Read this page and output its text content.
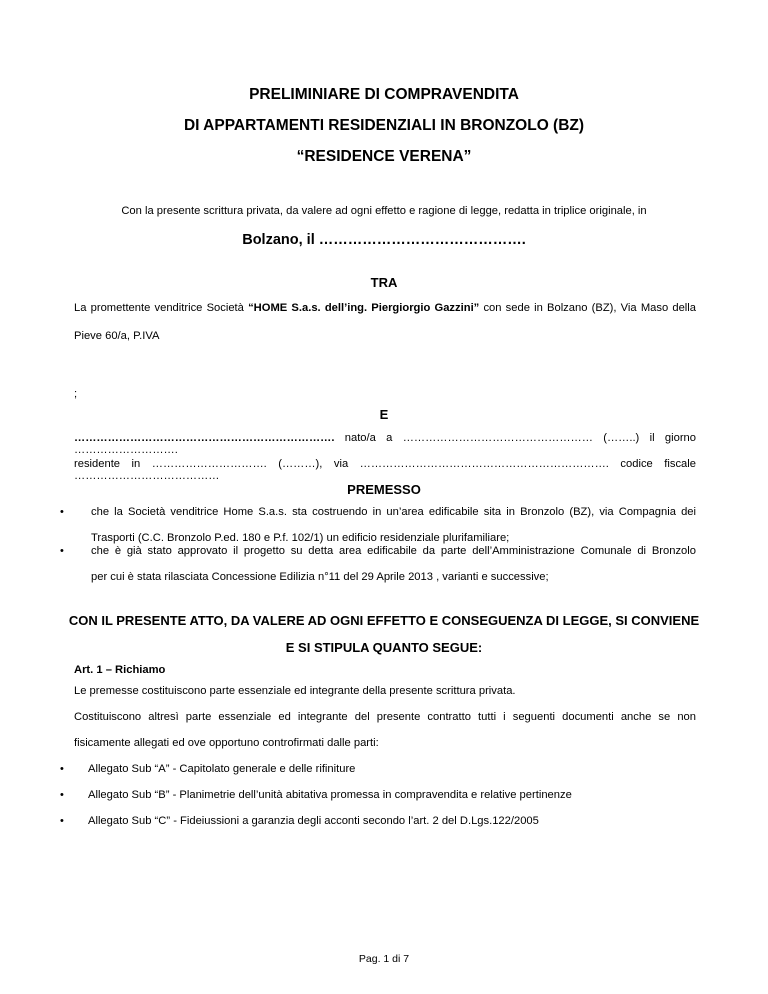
PRELIMINIARE DI COMPRAVENDITA
DI APPARTAMENTI RESIDENZIALI IN BRONZOLO (BZ)
“RESIDENCE VERENA”
Con la presente scrittura privata, da valere ad ogni effetto e ragione di legge, redatta in triplice originale, in
Bolzano, il …………………………………….
TRA
La promettente venditrice Società “HOME S.a.s. dell’ing. Piergiorgio Gazzini” con sede in Bolzano (BZ), Via Maso della
Pieve 60/a, P.IVA
;
E
……………………………………………………………. nato/a a …………………………………………… (……..) il giorno ……………………….
residente in …………………………. (………), via …………………………………………………………. codice fiscale …………………………………
PREMESSO
• che la Società venditrice Home S.a.s. sta costruendo in un’area edificabile sita in Bronzolo (BZ), via Compagnia dei
Trasporti (C.C. Bronzolo P.ed. 180 e P.f. 102/1) un edificio residenziale plurifamiliare;
• che è già stato approvato il progetto su detta area edificabile da parte dell’Amministrazione Comunale di Bronzolo
per cui è stata rilasciata Concessione Edilizia n°11 del 29 Aprile 2013 , varianti e successive;
CON IL PRESENTE ATTO, DA VALERE AD OGNI EFFETTO E CONSEGUENZA DI LEGGE, SI CONVIENE
E SI STIPULA QUANTO SEGUE:
Art. 1 – Richiamo
Le premesse costituiscono parte essenziale ed integrante della presente scrittura privata.
Costituiscono altresì parte essenziale ed integrante del presente contratto tutti i seguenti documenti anche se non
fisicamente allegati ed ove opportuno controfirmati dalle parti:
• Allegato Sub “A” - Capitolato generale e delle rifiniture
• Allegato Sub “B” - Planimetrie dell’unità abitativa promessa in compravendita e relative pertinenze
• Allegato Sub “C” - Fideiussioni a garanzia degli acconti secondo l’art. 2 del D.Lgs.122/2005
Pag. 1 di 7
